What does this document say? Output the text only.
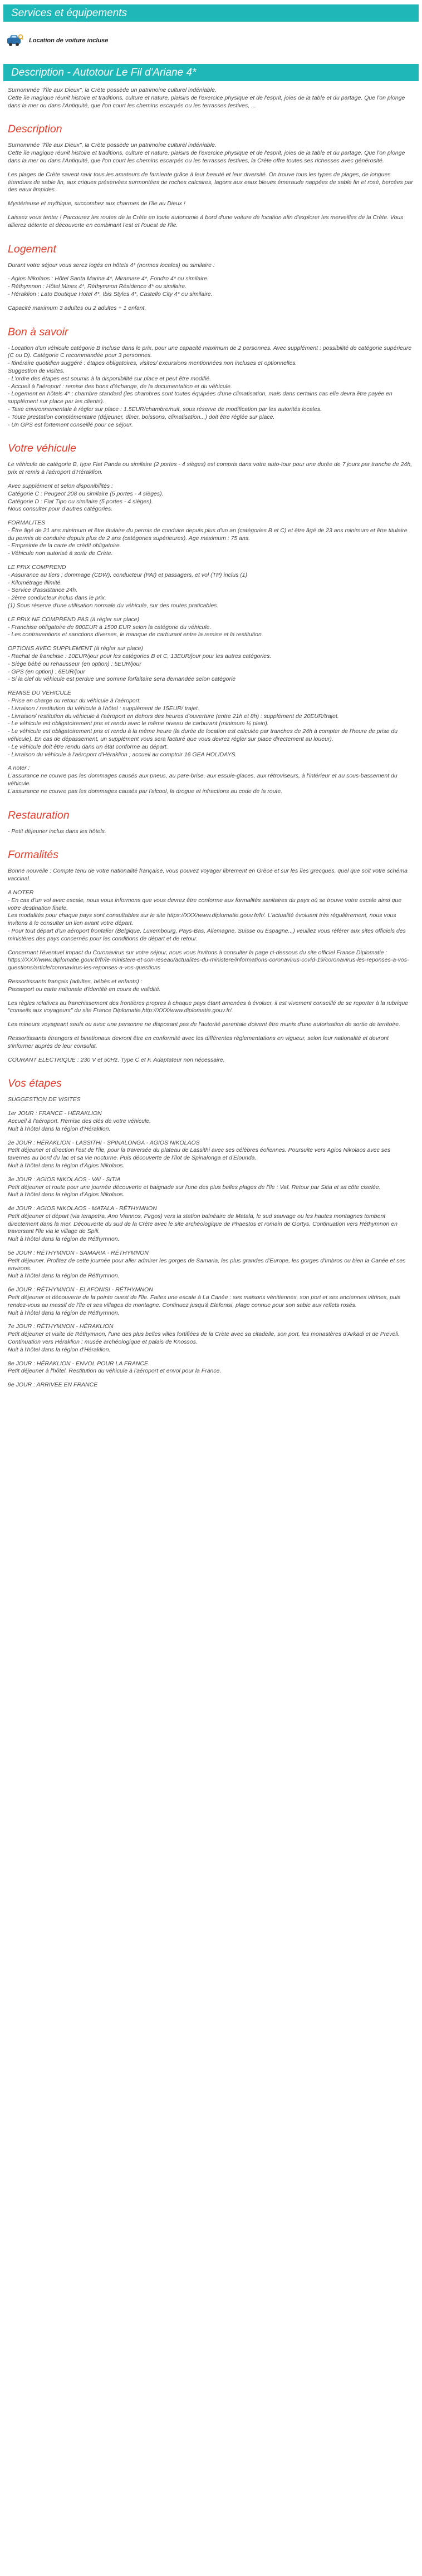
Services et équipements
Location de voiture incluse
Description - Autotour Le Fil d'Ariane 4*

Surnommée "l'île aux Dieux", la Crète possède un patrimoine culturel indéniable.
Cette île magique réunit histoire et traditions, culture et nature, plaisirs de l'exercice physique et de l'esprit, joies de la table et du partage. Que l'on plonge dans la mer ou dans l'Antiquité, que l'on court les chemins escarpés ou les terrasses festives, ...

Description

Surnommée "l'île aux Dieux", la Crète possède un patrimoine culturel indéniable.
Cette île magique réunit histoire et traditions, culture et nature, plaisirs de l'exercice physique et de l'esprit, joies de la table et du partage. Que l'on plonge dans la mer ou dans l'Antiquité, que l'on court les chemins escarpés ou les terrasses festives, la Crète offre toutes ses richesses avec générosité.

Les plages de Crète savent ravir tous les amateurs de farniente grâce à leur beauté et leur diversité. On trouve tous les types de plages, de longues étendues de sable fin, aux criques préservées surmontées de roches calcaires, lagons aux eaux bleues émeraude nappées de sable fin et rosé, bercées par des eaux limpides.

Mystérieuse et mythique, succombez aux charmes de l'île au Dieux !

Laissez vous tenter ! Parcourez les routes de la Crète en toute autonomie à bord d'une voiture de location afin d'explorer les merveilles de la Crète. Vous allierez détente et découverte en combinant l'est et l'ouest de l'île.

Logement

Durant votre séjour vous serez logés en hôtels 4* (normes locales) ou similaire :

- Agios Nikolaos : Hôtel Santa Marina 4*, Miramare 4*, Fondro 4* ou similaire.
- Réthymnon : Hôtel Mines 4*, Réthymnon Résidence 4* ou similaire.
- Héraklion : Lato Boutique Hotel 4*, Ibis Styles 4*, Castello City 4* ou similaire.

Capacité maximum 3 adultes ou 2 adultes + 1 enfant.

Bon à savoir

- Location d'un véhicule catégorie B incluse dans le prix, pour une capacité maximum de 2 personnes. Avec supplément : possibilité de catégorie supérieure (C ou D). Catégorie C recommandée pour 3 personnes.
- Itinéraire quotidien suggéré : étapes obligatoires, visites/ excursions mentionnées non incluses et optionnelles.
Suggestion de visites.
- L'ordre des étapes est soumis à la disponibilité sur place et peut être modifié.
- Accueil à l'aéroport : remise des bons d'échange, de la documentation et du véhicule.
- Logement en hôtels 4* ; chambre standard (les chambres sont toutes équipées d'une climatisation, mais dans certains cas elle devra être payée en supplément sur place par les clients).
- Taxe environnementale à régler sur place : 1.5EUR/chambre/nuit, sous réserve de modification par les autorités locales.
- Toute prestation complémentaire (déjeuner, dîner, boissons, climatisation...) doit être réglée sur place.
- Un GPS est fortement conseillé pour ce séjour.

Votre véhicule

Le véhicule de catégorie B, type Fiat Panda ou similaire (2 portes - 4 sièges) est compris dans votre auto-tour pour une durée de 7 jours par tranche de 24h, prix et remis à l'aéroport d'Héraklion.

Avec supplément et selon disponibilités :
Catégorie C : Peugeot 208 ou similaire (5 portes - 4 sièges).
Catégorie D : Fiat Tipo ou similaire (5 portes - 4 sièges).
Nous consulter pour d'autres catégories.

FORMALITES
- Être âgé de 21 ans minimum et être titulaire du permis de conduire depuis plus d'un an (catégories B et C) et être âgé de 23 ans minimum et être titulaire du permis de conduire depuis plus de 2 ans (catégories supérieures). Age maximum : 75 ans.
- Empreinte de la carte de crédit obligatoire.
- Véhicule non autorisé à sortir de Crète.

LE PRIX COMPREND
- Assurance au tiers ; dommage (CDW), conducteur (PAI) et passagers, et vol (TP) inclus (1)
- Kilométrage illimité.
- Service d'assistance 24h.
- 2ème conducteur inclus dans le prix.
(1) Sous réserve d'une utilisation normale du véhicule, sur des routes praticables.

LE PRIX NE COMPREND PAS (à régler sur place)
- Franchise obligatoire de 800EUR à 1500 EUR selon la catégorie du véhicule.
- Les contraventions et sanctions diverses, le manque de carburant entre la remise et la restitution.

OPTIONS AVEC SUPPLEMENT (à régler sur place)
- Rachat de franchise : 10EUR/jour pour les catégories B et C, 13EUR/jour pour les autres catégories.
- Siège bébé ou rehausseur (en option) : 5EUR/jour
- GPS (en option) : 6EUR/jour
- Si la clef du véhicule est perdue une somme forfaitaire sera demandée selon catégorie

REMISE DU VEHICULE
- Prise en charge ou retour du véhicule à l'aéroport.
- Livraison / restitution du véhicule à l'hôtel : supplément de 15EUR/ trajet.
- Livraison/ restitution du véhicule à l'aéroport en dehors des heures d'ouverture (entre 21h et 8h) : supplément de 20EUR/trajet.
- Le véhicule est obligatoirement pris et rendu avec le même niveau de carburant (minimum ½ plein).
- Le véhicule est obligatoirement pris et rendu à la même heure (la durée de location est calculée par tranches de 24h à compter de l'heure de prise du véhicule). En cas de dépassement, un supplément vous sera facturé que vous devrez régler sur place directement au loueur).
- Le véhicule doit être rendu dans un état conforme au départ.
- Livraison du véhicule à l'aéroport d'Héraklion ; accueil au comptoir 16 GEA HOLIDAYS.

A noter :
L'assurance ne couvre pas les dommages causés aux pneus, au pare-brise, aux essuie-glaces, aux rétroviseurs, à l'intérieur et au sous-bassement du véhicule.
L'assurance ne couvre pas les dommages causés par l'alcool, la drogue et infractions au code de la route.

Restauration

- Petit déjeuner inclus dans les hôtels.

Formalités

Bonne nouvelle : Compte tenu de votre nationalité française, vous pouvez voyager librement en Grèce et sur les îles grecques, quel que soit votre schéma vaccinal.

A NOTER
- En cas d'un vol avec escale, nous vous informons que vous devrez être conforme aux formalités sanitaires du pays où se trouve votre escale ainsi que votre destination finale.
Les modalités pour chaque pays sont consultables sur le site https://XXX/www.diplomatie.gouv.fr/fr/. L'actualité évoluant très régulièrement, nous vous invitons à le consulter un lien avant votre départ.
- Pour tout départ d'un aéroport frontalier (Belgique, Luxembourg, Pays-Bas, Allemagne, Suisse ou Espagne...) veuillez vous référer aux sites officiels des ministères des pays concernés pour les conditions de départ et de retour.

Concernant l'éventuel impact du Coronavirus sur votre séjour, nous vous invitons à consulter la page ci-dessous du site officiel France Diplomatie :
https://XXX/www.diplomatie.gouv.fr/fr/le-ministere-et-son-reseau/actualites-du-ministere/informations-coronavirus-covid-19/coronavirus-les-reponses-a-vos-questions/article/coronavirus-les-reponses-a-vos-questions

Ressortissants français (adultes, bébés et enfants) :
Passeport ou carte nationale d'identité en cours de validité.

Les règles relatives au franchissement des frontières propres à chaque pays étant amenées à évoluer, il est vivement conseillé de se reporter à la rubrique "conseils aux voyageurs" du site France Diplomatie,http://XXX/www.diplomatie.gouv.fr/.

Les mineurs voyageant seuls ou avec une personne ne disposant pas de l'autorité parentale doivent être munis d'une autorisation de sortie de territoire.

Ressortissants étrangers et binationaux devront être en conformité avec les différentes réglementations en vigueur, selon leur nationalité et devront s'informer auprès de leur consulat.

COURANT ELECTRIQUE : 230 V et 50Hz. Type C et F. Adaptateur non nécessaire.

Vos étapes

SUGGESTION DE VISITES

1er JOUR : FRANCE - HÉRAKLION
Accueil à l'aéroport. Remise des clés de votre véhicule.
Nuit à l'hôtel dans la région d'Héraklion.

2e JOUR : HÉRAKLION - LASSITHI - SPINALONGA - AGIOS NIKOLAOS
Petit déjeuner et direction l'est de l'île, pour la traversée du plateau de Lassithi avec ses célèbres éoliennes. Poursuite vers Agios Nikolaos avec ses
tavernes au bord du lac et sa vie nocturne. Puis découverte de l'îlot de Spinalonga et d'Elounda.
Nuit à l'hôtel dans la région d'Agios Nikolaos.

3e JOUR : AGIOS NIKOLAOS - VAÏ - SITIA
Petit déjeuner et route pour une journée découverte et baignade sur l'une des plus belles plages de l'île : Vaï. Retour par Sitia et sa côte ciselée.
Nuit à l'hôtel dans la région d'Agios Nikolaos.

4e JOUR : AGIOS NIKOLAOS - MATALA - RÉTHYMNON
Petit déjeuner et départ (via Ierapetra, Ano Viannos, Pirgos) vers la station balnéaire de Matala, le sud sauvage ou les hautes montagnes tombent directement dans la mer. Découverte du sud de la Crète avec le site archéologique de Phaestos et romain de Gortys. Continuation vers Réthymnon en traversant l'île via le village de Spili.
Nuit à l'hôtel dans la région de Réthymnon.

5e JOUR : RÉTHYMNON - SAMARIA - RÉTHYMNON
Petit déjeuner. Profitez de cette journée pour aller admirer les gorges de Samaria, les plus grandes d'Europe, les gorges d'Imbros ou bien la Canée et ses environs.
Nuit à l'hôtel dans la région de Réthymnon.

6e JOUR : RÉTHYMNON - ELAFONISI - RÉTHYMNON
Petit déjeuner et découverte de la pointe ouest de l'île. Faites une escale à La Canée : ses maisons vénitiennes, son port et ses anciennes vitrines, puis
rendez-vous au massif de l'île et ses villages de montagne. Continuez jusqu'à Elafonisi, plage connue pour son sable aux reflets rosés.
Nuit à l'hôtel dans la région de Réthymnon.

7e JOUR : RÉTHYMNON - HÉRAKLION
Petit déjeuner et visite de Réthymnon, l'une des plus belles villes fortifiées de la Crète avec sa citadelle, son port, les monastères d'Arkadi et de Preveli.
Continuation vers Héraklion : musée archéologique et palais de Knossos.
Nuit à l'hôtel dans la région d'Héraklion.

8e JOUR : HÉRAKLION - ENVOL POUR LA FRANCE
Petit déjeuner à l'hôtel. Restitution du véhicule à l'aéroport et envol pour la France.

9e JOUR : ARRIVEE EN FRANCE
